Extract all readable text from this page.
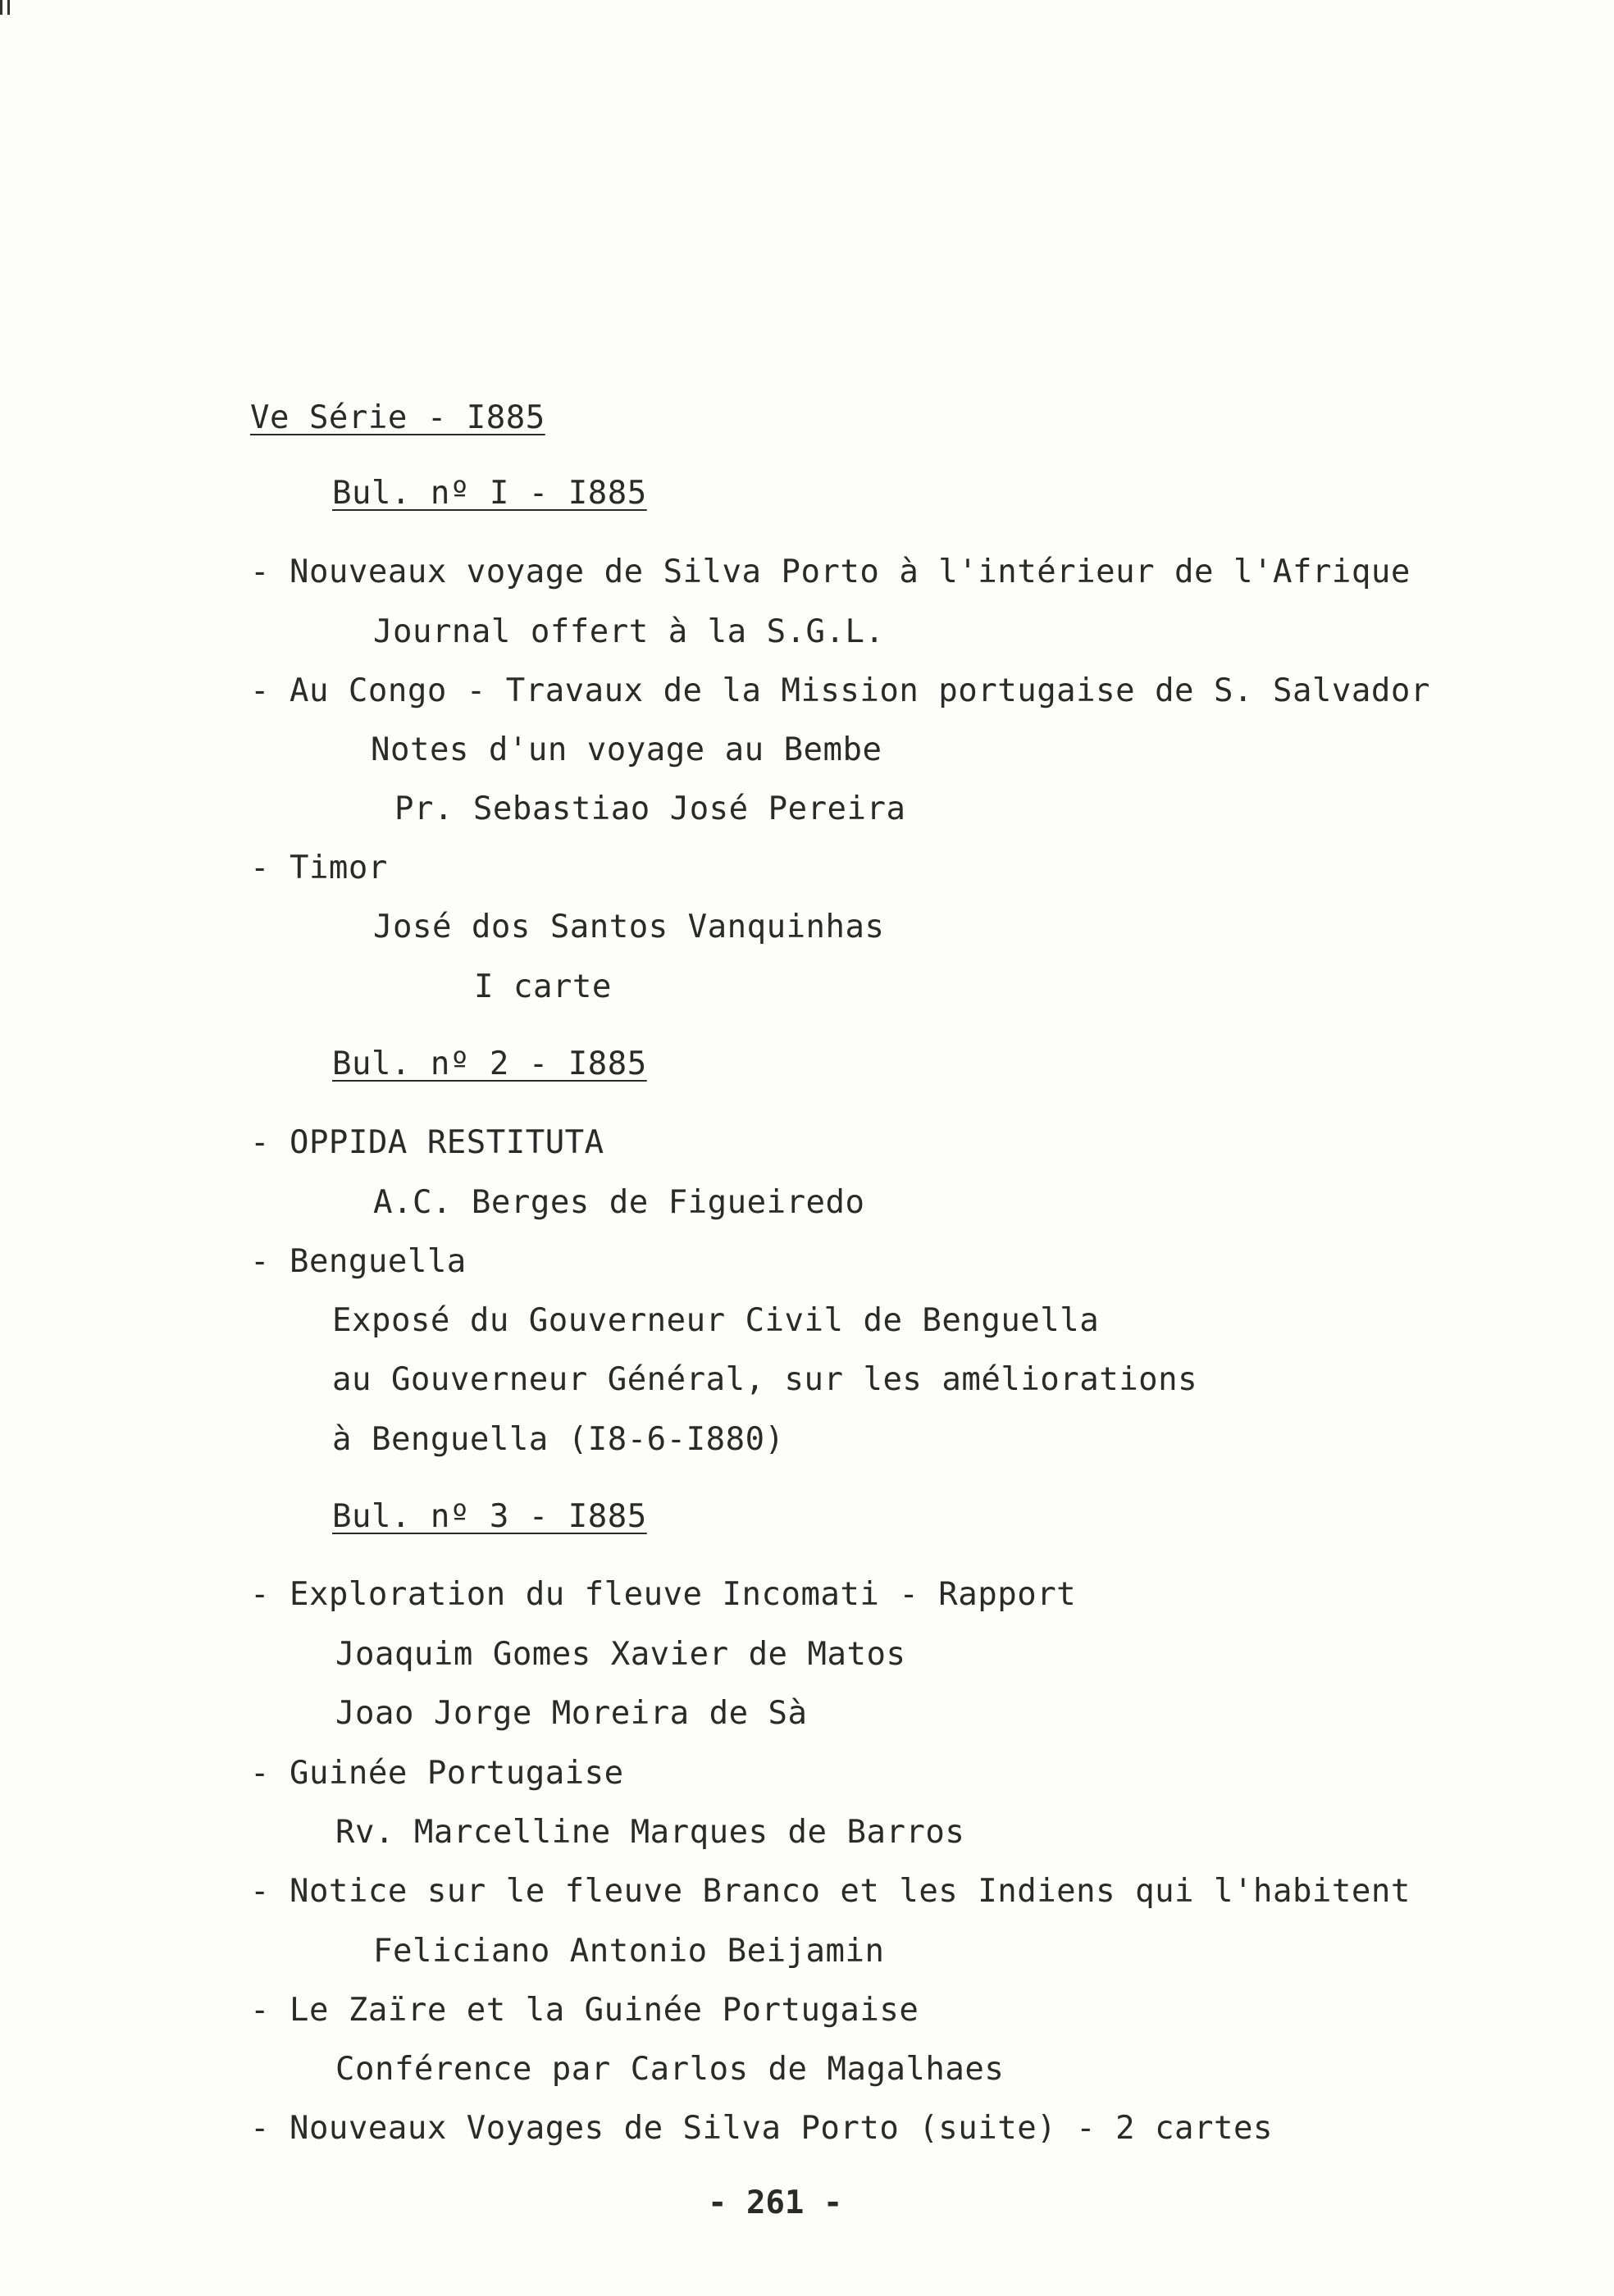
Ve Série - I885
Bul. nº I - I885
- Nouveaux voyage de Silva Porto à l'intérieur de l'Afrique
Journal offert à la S.G.L.
- Au Congo - Travaux de la Mission portugaise de S. Salvador
Notes d'un voyage au Bembe
Pr. Sebastiao José Pereira
- Timor
José dos Santos Vanquinhas
I carte
Bul. nº 2 - I885
- OPPIDA RESTITUTA
A.C. Berges de Figueiredo
- Benguella
Exposé du Gouverneur Civil de Benguella
au Gouverneur Général, sur les améliorations
à Benguella (I8-6-I880)
Bul. nº 3 - I885
- Exploration du fleuve Incomati - Rapport
Joaquim Gomes Xavier de Matos
Joao Jorge Moreira de Sà
- Guinée Portugaise
Rv. Marcelline Marques de Barros
- Notice sur le fleuve Branco et les Indiens qui l'habitent
Feliciano Antonio Beijamin
- Le Zaïre et la Guinée Portugaise
Conférence par Carlos de Magalhaes
- Nouveaux Voyages de Silva Porto (suite) - 2 cartes
- 261 -
